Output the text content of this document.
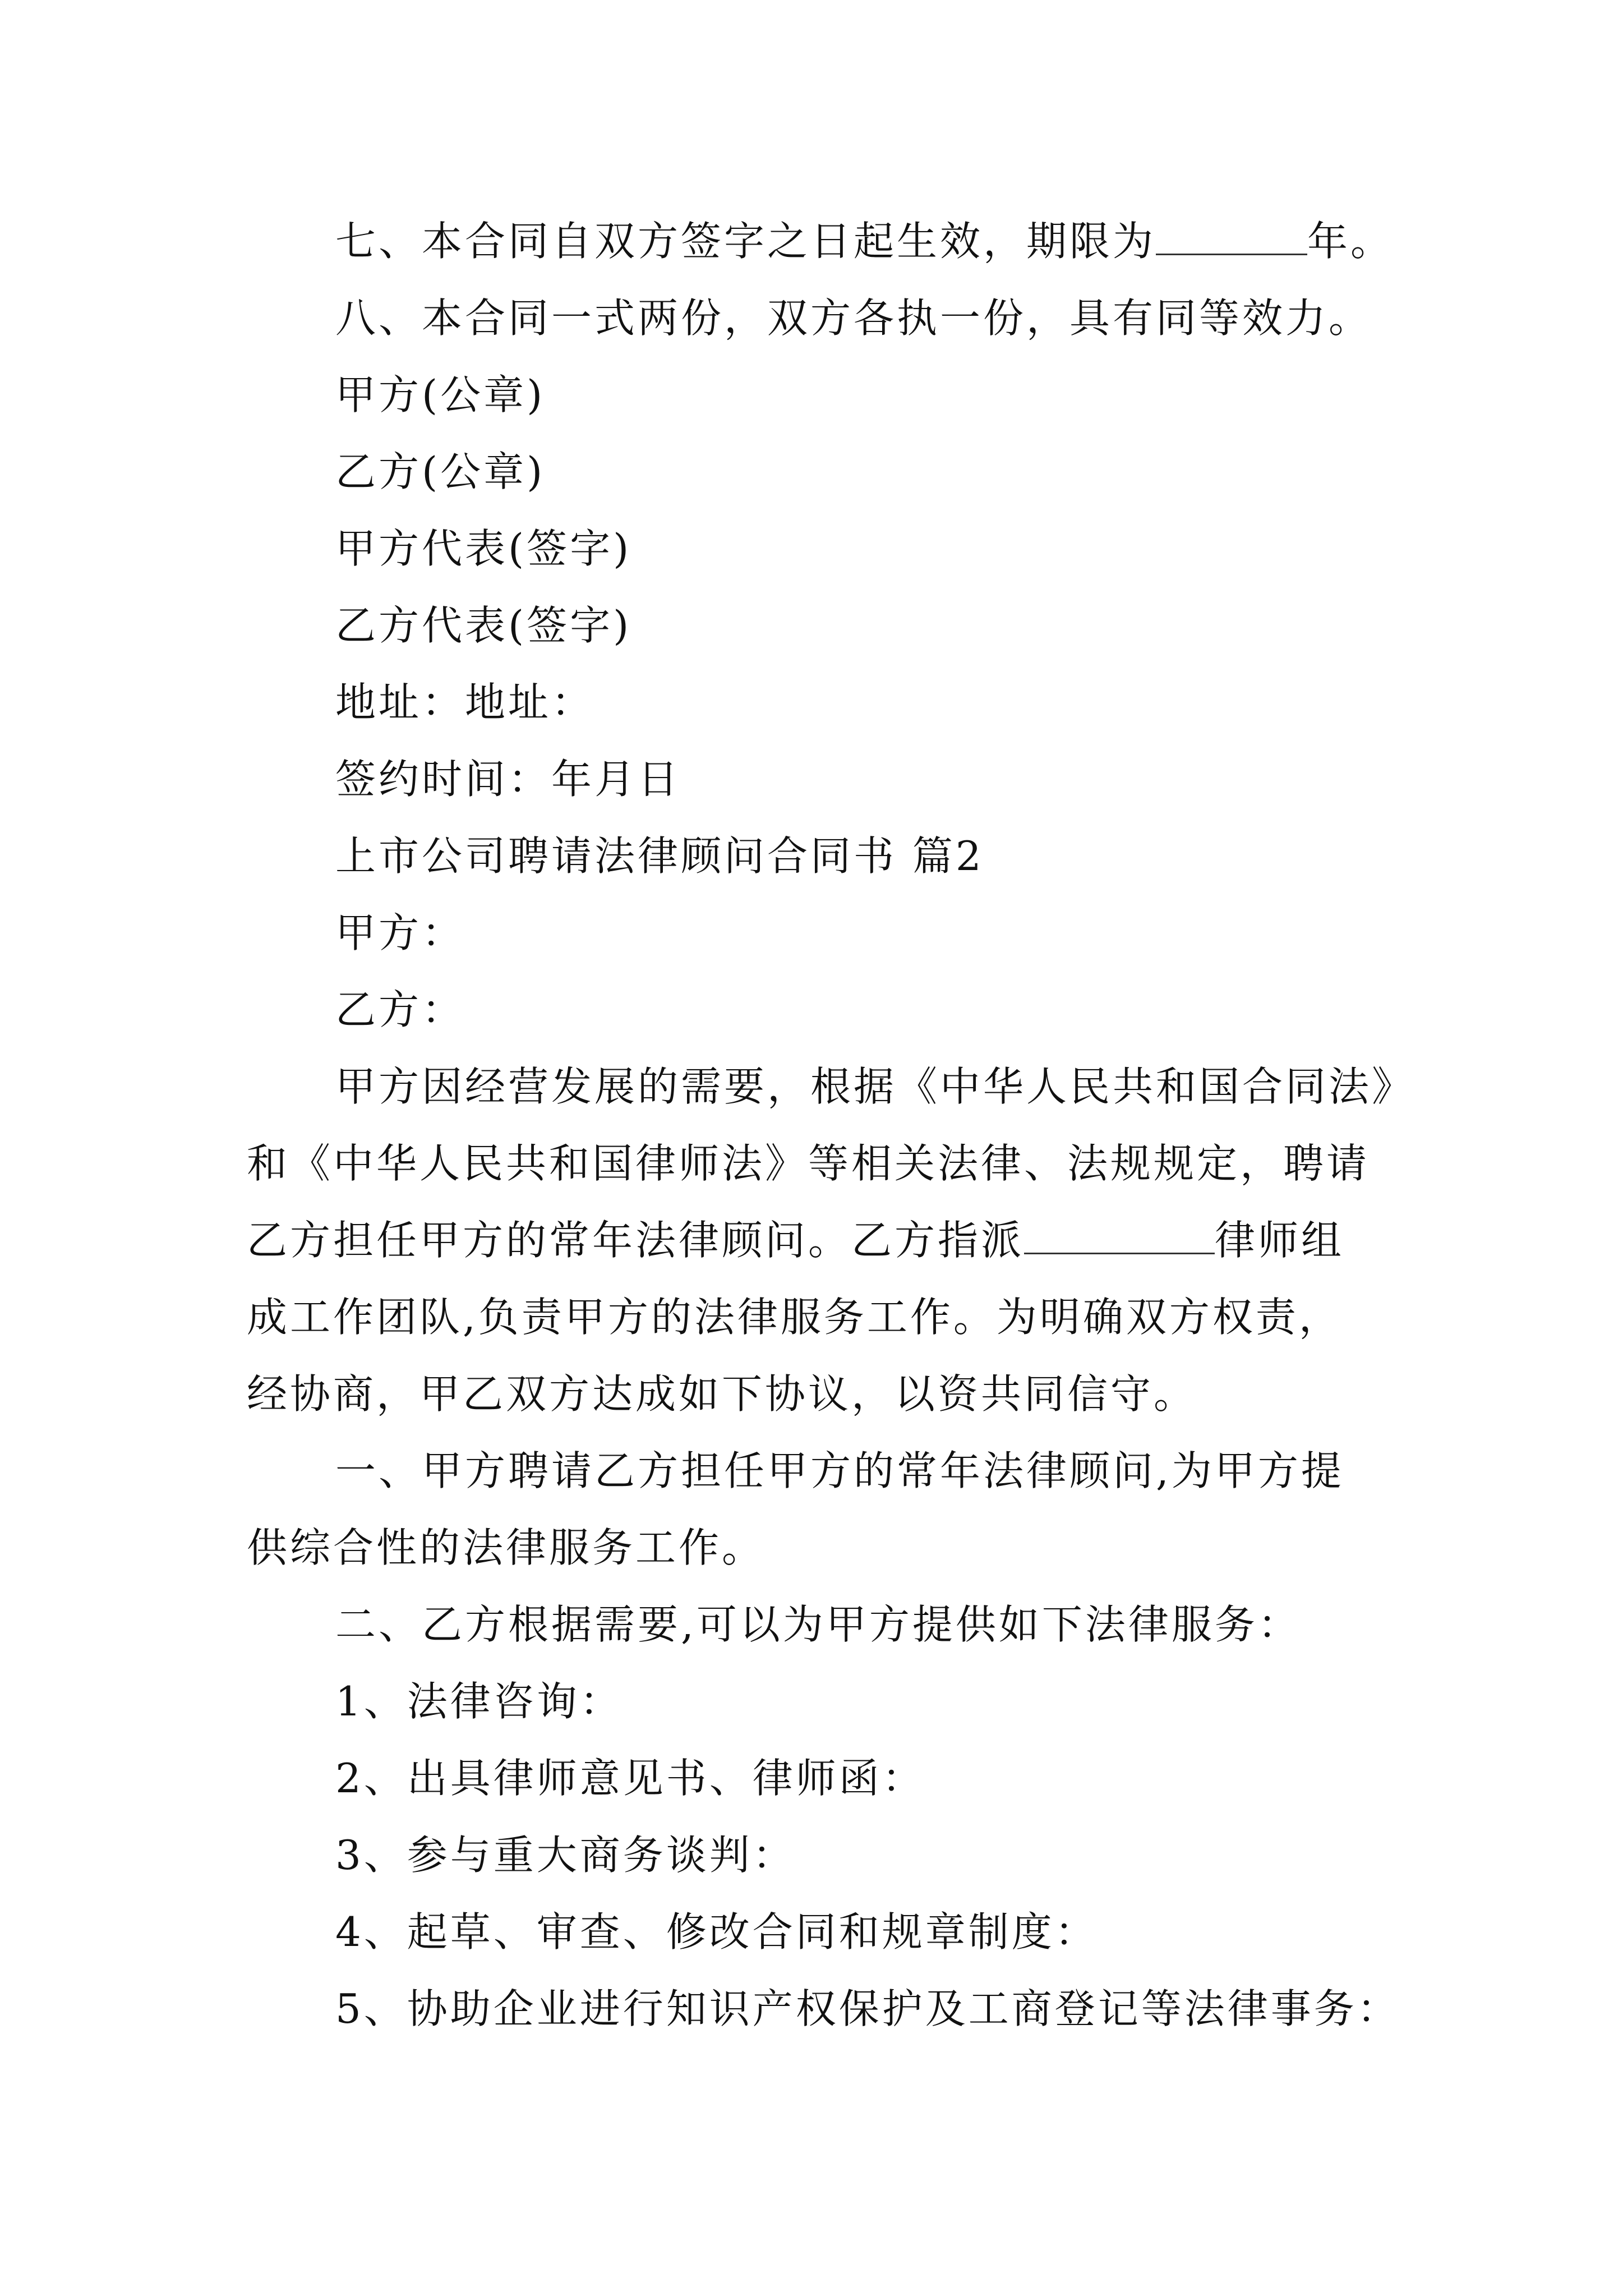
七、本合同自双方签字之日起生效，期限为	年。
八、本合同一式两份，双方各执一份，具有同等效力。
甲方(公章)
乙方(公章)
甲方代表(签字)
乙方代表(签字)
地址：地址：
签约时间：年月日
上市公司聘请法律顾问合同书 篇2
甲方：
乙方：
甲方因经营发展的需要，根据《中华人民共和国合同法》
和《中华人民共和国律师法》等相关法律、法规规定，聘请
乙方担任甲方的常年法律顾问。乙方指派	律师组
成工作团队,负责甲方的法律服务工作。为明确双方权责，
经协商，甲乙双方达成如下协议，以资共同信守。
一、甲方聘请乙方担任甲方的常年法律顾问,为甲方提
供综合性的法律服务工作。
二、乙方根据需要,可以为甲方提供如下法律服务：
1、法律咨询：
2、出具律师意见书、律师函：
3、参与重大商务谈判：
4、起草、审查、修改合同和规章制度：
5、协助企业进行知识产权保护及工商登记等法律事务：
